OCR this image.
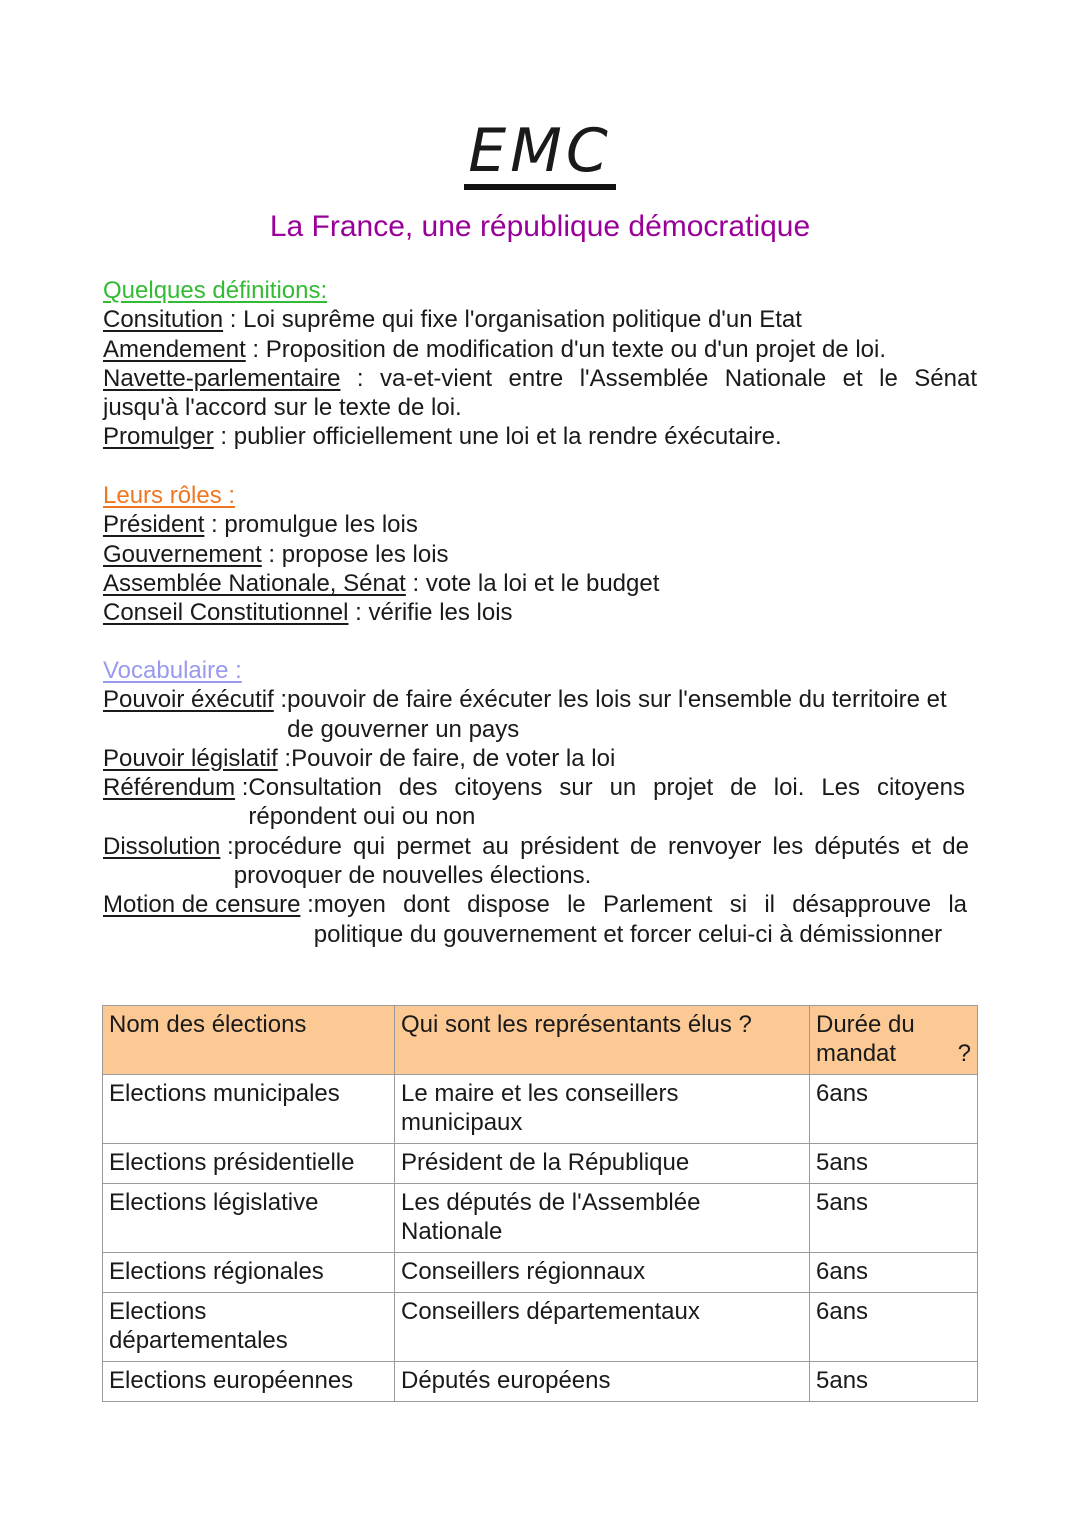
EMC
La France, une république démocratique
Quelques définitions:
Consitution : Loi suprême qui fixe l'organisation politique d'un Etat
Amendement : Proposition de modification d'un texte ou d'un projet de loi.
Navette-parlementaire : va-et-vient entre l'Assemblée Nationale et le Sénat
jusqu'à l'accord sur le texte de loi.
Promulger : publier officiellement une loi et la rendre éxécutaire.
Leurs rôles :
Président : promulgue les lois
Gouvernement : propose les lois
Assemblée Nationale, Sénat : vote la loi et le budget
Conseil Constitutionnel : vérifie les lois
Vocabulaire :
Pouvoir éxécutif : pouvoir de faire éxécuter les lois sur l'ensemble du territoire et de gouverner un pays
Pouvoir législatif : Pouvoir de faire, de voter la loi
Référendum : Consultation des citoyens sur un projet de loi. Les citoyens répondent oui ou non
Dissolution : procédure qui permet au président de renvoyer les députés et de provoquer de nouvelles élections.
Motion de censure : moyen dont dispose le Parlement si il désapprouve la politique du gouvernement et forcer celui-ci à démissionner
Nom des élections	Qui sont les représentants élus ?	Durée du mandat ?
Elections municipales	Le maire et les conseillers municipaux	6ans
Elections présidentielle	Président de la République	5ans
Elections législative	Les députés de l'Assemblée Nationale	5ans
Elections régionales	Conseillers régionnaux	6ans
Elections départementales	Conseillers départementaux	6ans
Elections européennes	Députés européens	5ans
